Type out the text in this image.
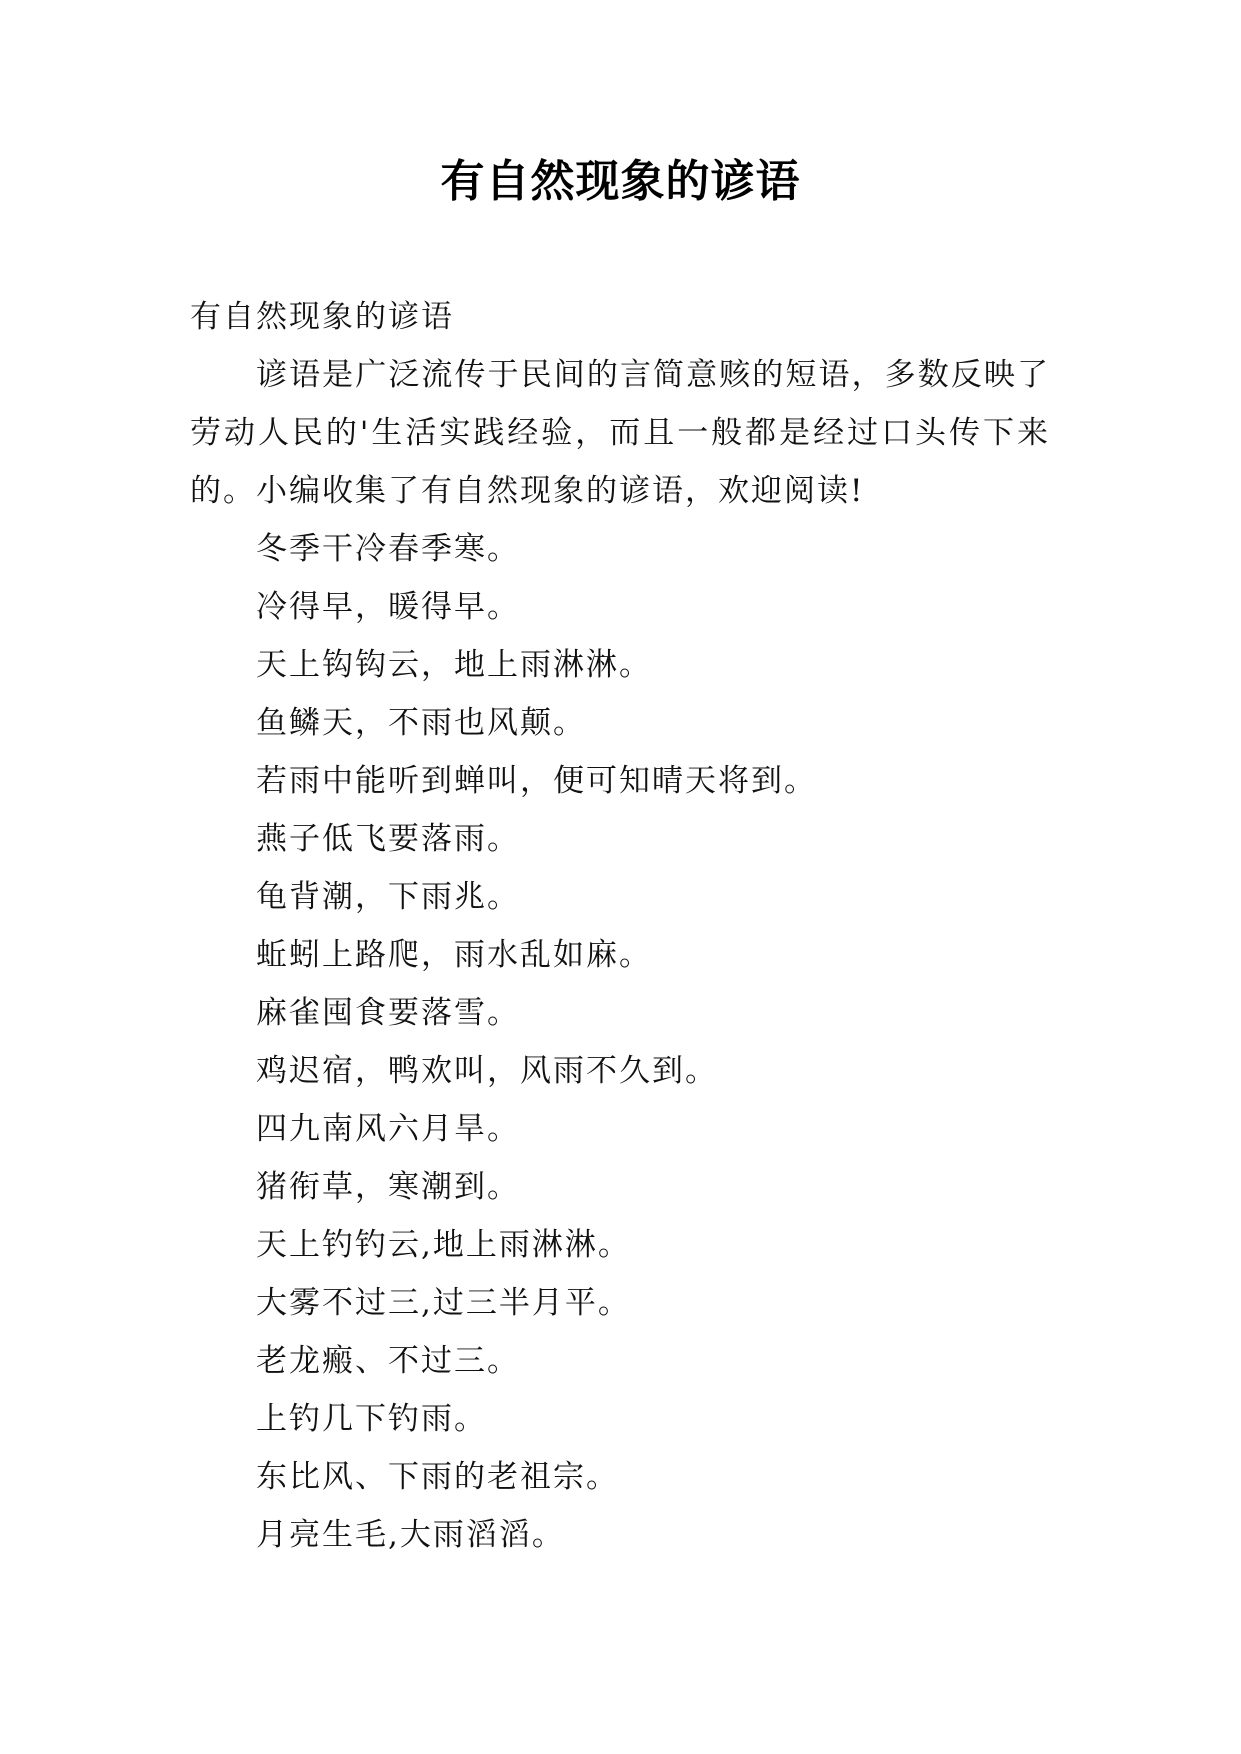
有自然现象的谚语

有自然现象的谚语

谚语是广泛流传于民间的言简意赅的短语，多数反映了劳动人民的'生活实践经验，而且一般都是经过口头传下来的。小编收集了有自然现象的谚语，欢迎阅读!

冬季干冷春季寒。

冷得早，暖得早。

天上钩钩云，地上雨淋淋。

鱼鳞天，不雨也风颠。

若雨中能听到蝉叫，便可知晴天将到。

燕子低飞要落雨。

龟背潮，下雨兆。

蚯蚓上路爬，雨水乱如麻。

麻雀囤食要落雪。

鸡迟宿，鸭欢叫，风雨不久到。

四九南风六月旱。

猪衔草，寒潮到。

天上钓钓云,地上雨淋淋。

大雾不过三,过三半月平。

老龙瘢、不过三。

上钓几下钓雨。

东比风、下雨的老祖宗。

月亮生毛,大雨滔滔。
